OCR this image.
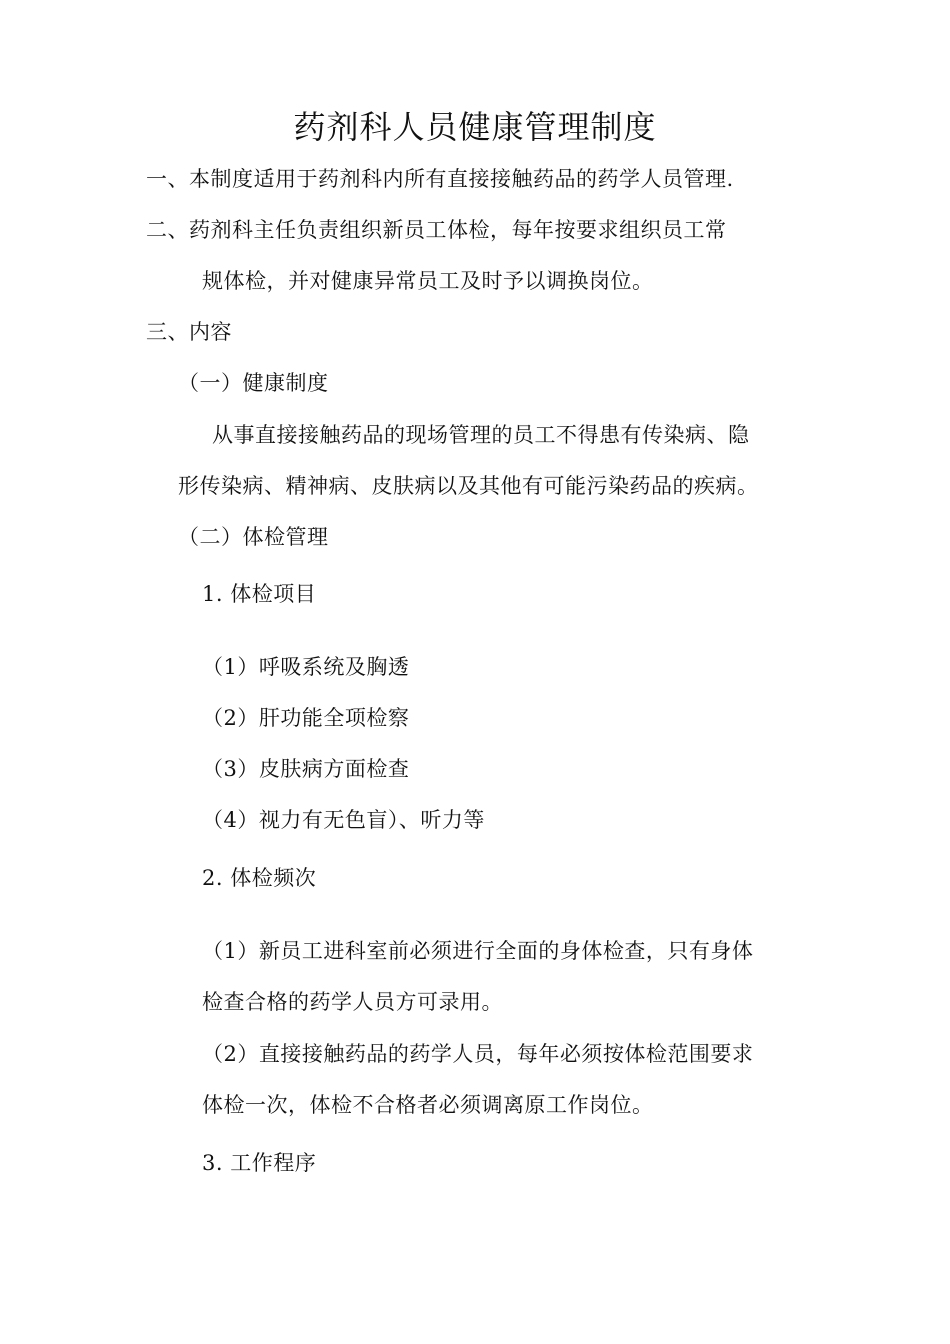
药剂科人员健康管理制度
一、本制度适用于药剂科内所有直接接触药品的药学人员管理.
二、药剂科主任负责组织新员工体检，每年按要求组织员工常
规体检，并对健康异常员工及时予以调换岗位。
三、内容
（一）健康制度
从事直接接触药品的现场管理的员工不得患有传染病、隐
形传染病、精神病、皮肤病以及其他有可能污染药品的疾病。
（二）体检管理
1. 体检项目
（1）呼吸系统及胸透
（2）肝功能全项检察
（3）皮肤病方面检查
（4）视力有无色盲）、听力等
2. 体检频次
（1）新员工进科室前必须进行全面的身体检查，只有身体
检查合格的药学人员方可录用。
（2）直接接触药品的药学人员，每年必须按体检范围要求
体检一次，体检不合格者必须调离原工作岗位。
3. 工作程序
